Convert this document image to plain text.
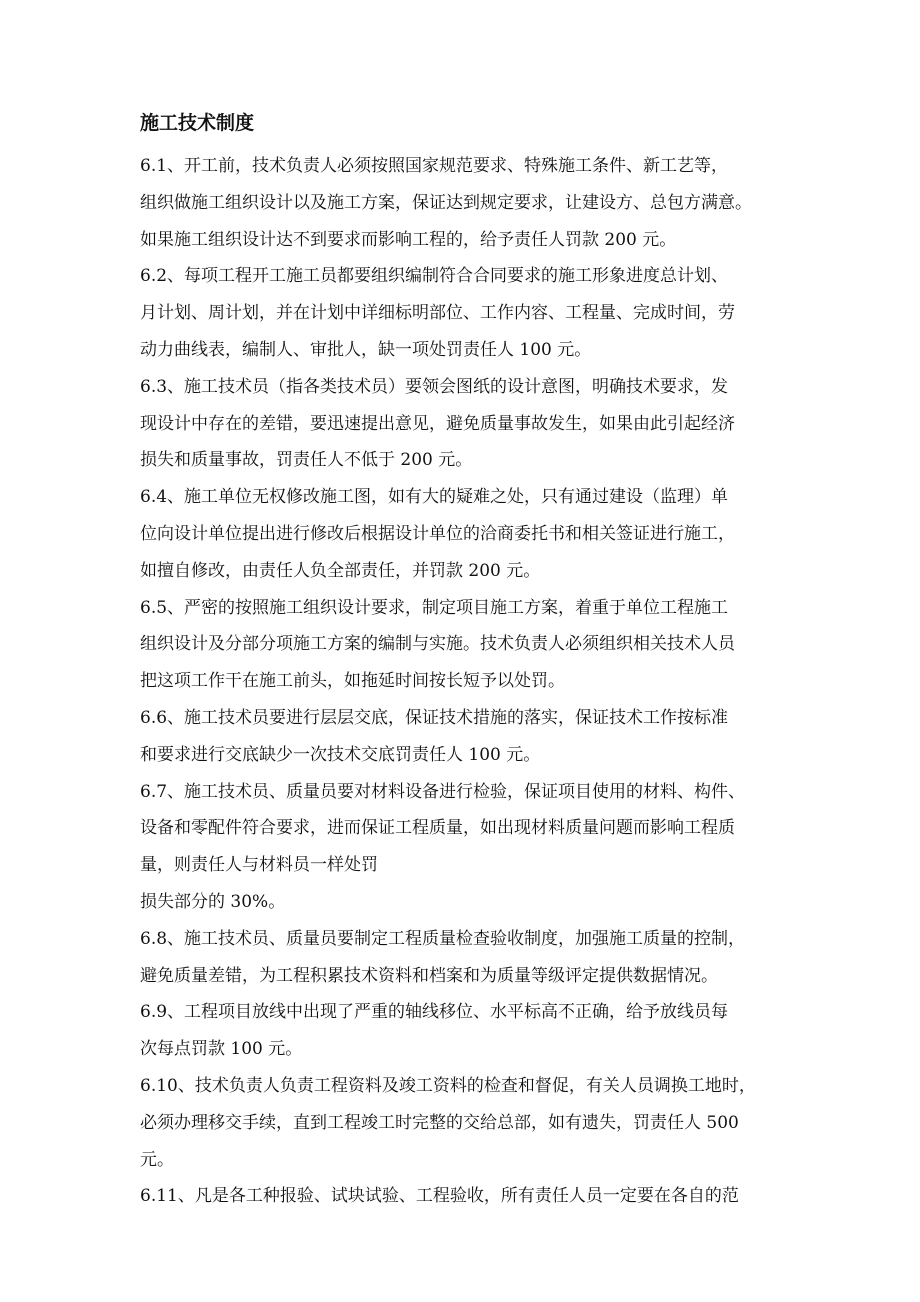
施工技术制度
6.1、开工前，技术负责人必须按照国家规范要求、特殊施工条件、新工艺等，
组织做施工组织设计以及施工方案，保证达到规定要求，让建设方、总包方满意。
如果施工组织设计达不到要求而影响工程的，给予责任人罚款 200 元。
6.2、每项工程开工施工员都要组织编制符合合同要求的施工形象进度总计划、
月计划、周计划，并在计划中详细标明部位、工作内容、工程量、完成时间，劳
动力曲线表，编制人、审批人，缺一项处罚责任人 100 元。
6.3、施工技术员（指各类技术员）要领会图纸的设计意图，明确技术要求，发
现设计中存在的差错，要迅速提出意见，避免质量事故发生，如果由此引起经济
损失和质量事故，罚责任人不低于 200 元。
6.4、施工单位无权修改施工图，如有大的疑难之处，只有通过建设（监理）单
位向设计单位提出进行修改后根据设计单位的洽商委托书和相关签证进行施工，
如擅自修改，由责任人负全部责任，并罚款 200 元。
6.5、严密的按照施工组织设计要求，制定项目施工方案，着重于单位工程施工
组织设计及分部分项施工方案的编制与实施。技术负责人必须组织相关技术人员
把这项工作干在施工前头，如拖延时间按长短予以处罚。
6.6、施工技术员要进行层层交底，保证技术措施的落实，保证技术工作按标准
和要求进行交底缺少一次技术交底罚责任人 100 元。
6.7、施工技术员、质量员要对材料设备进行检验，保证项目使用的材料、构件、
设备和零配件符合要求，进而保证工程质量，如出现材料质量问题而影响工程质
量，则责任人与材料员一样处罚
损失部分的 30%。
6.8、施工技术员、质量员要制定工程质量检查验收制度，加强施工质量的控制，
避免质量差错，为工程积累技术资料和档案和为质量等级评定提供数据情况。
6.9、工程项目放线中出现了严重的轴线移位、水平标高不正确，给予放线员每
次每点罚款 100 元。
6.10、技术负责人负责工程资料及竣工资料的检查和督促，有关人员调换工地时，
必须办理移交手续，直到工程竣工时完整的交给总部，如有遗失，罚责任人 500
元。
6.11、凡是各工种报验、试块试验、工程验收，所有责任人员一定要在各自的范
